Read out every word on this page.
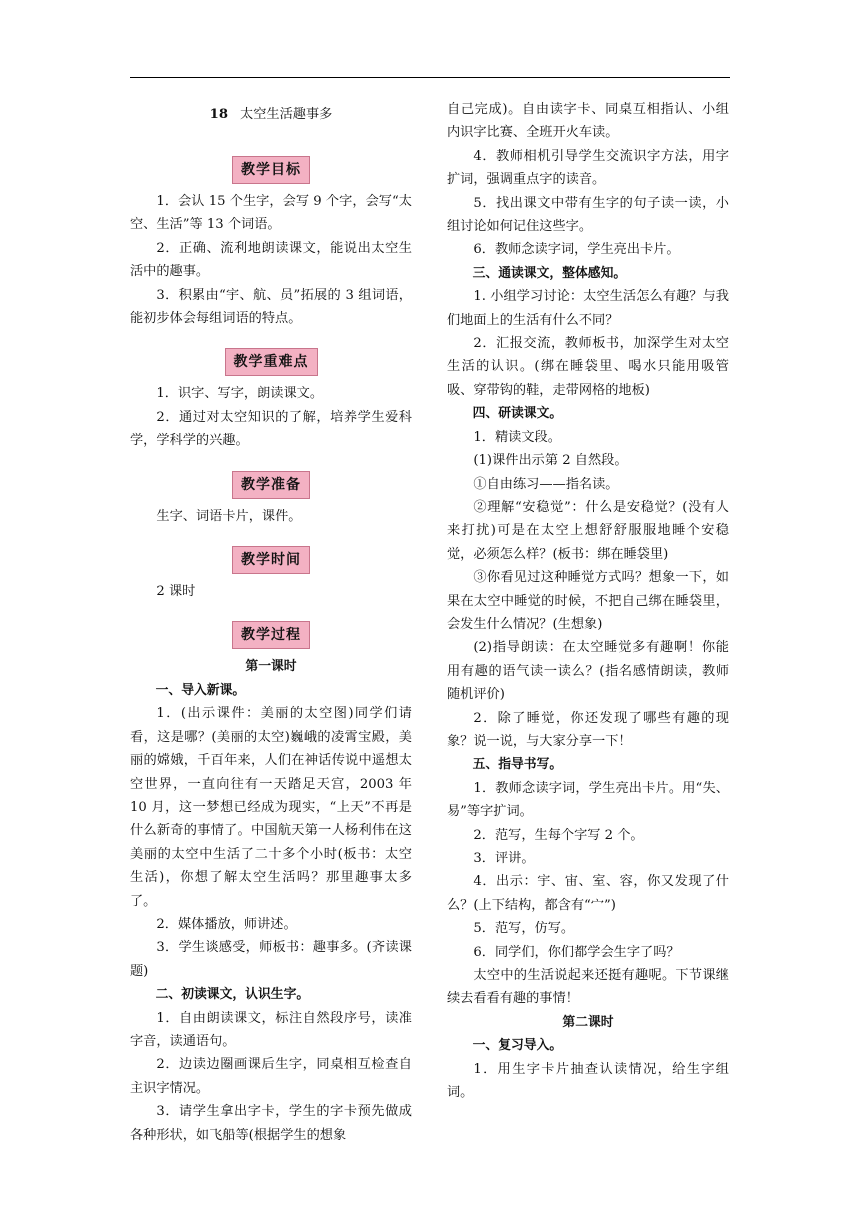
18 太空生活趣事多

教学目标

1．会认 15 个生字，会写 9 个字，会写“太空、生活”等 13 个词语。

2．正确、流利地朗读课文，能说出太空生活中的趣事。

3．积累由“宇、航、员”拓展的 3 组词语，能初步体会每组词语的特点。

教学重难点

1．识字、写字，朗读课文。

2．通过对太空知识的了解，培养学生爱科学，学科学的兴趣。

教学准备

生字、词语卡片，课件。

教学时间

2 课时

教学过程

第一课时

一、导入新课。

1．(出示课件：美丽的太空图)同学们请看，这是哪？(美丽的太空)巍峨的凌霄宝殿，美丽的嫦娥，千百年来，人们在神话传说中遥想太空世界，一直向往有一天踏足天宫，2003 年 10 月，这一梦想已经成为现实，“上天”不再是什么新奇的事情了。中国航天第一人杨利伟在这美丽的太空中生活了二十多个小时(板书：太空生活)，你想了解太空生活吗？那里趣事太多了。

2．媒体播放，师讲述。

3．学生谈感受，师板书：趣事多。(齐读课题)

二、初读课文，认识生字。

1．自由朗读课文，标注自然段序号，读准字音，读通语句。

2．边读边圈画课后生字，同桌相互检查自主识字情况。

3．请学生拿出字卡，学生的字卡预先做成各种形状，如飞船等(根据学生的想象

自己完成)。自由读字卡、同桌互相指认、小组内识字比赛、全班开火车读。

4．教师相机引导学生交流识字方法，用字扩词，强调重点字的读音。

5．找出课文中带有生字的句子读一读，小组讨论如何记住这些字。

6．教师念读字词，学生亮出卡片。

三、通读课文，整体感知。

1. 小组学习讨论：太空生活怎么有趣？与我们地面上的生活有什么不同？

2．汇报交流，教师板书，加深学生对太空生活的认识。(绑在睡袋里、喝水只能用吸管吸、穿带钩的鞋，走带网格的地板)

四、研读课文。

1．精读文段。

(1)课件出示第 2 自然段。

①自由练习——指名读。

②理解“安稳觉”：什么是安稳觉？(没有人来打扰)可是在太空上想舒舒服服地睡个安稳觉，必须怎么样？(板书：绑在睡袋里)

③你看见过这种睡觉方式吗？想象一下，如果在太空中睡觉的时候，不把自己绑在睡袋里，会发生什么情况？(生想象)

(2)指导朗读：在太空睡觉多有趣啊！你能用有趣的语气读一读么？(指名感情朗读，教师随机评价)

2．除了睡觉，你还发现了哪些有趣的现象？说一说，与大家分享一下！

五、指导书写。

1．教师念读字词，学生亮出卡片。用“失、易”等字扩词。

2．范写，生每个字写 2 个。

3．评讲。

4．出示：宇、宙、室、容，你又发现了什么？(上下结构，都含有“宀”)

5．范写，仿写。

6．同学们，你们都学会生字了吗？

太空中的生活说起来还挺有趣呢。下节课继续去看看有趣的事情！

第二课时

一、复习导入。

1．用生字卡片抽查认读情况，给生字组词。
